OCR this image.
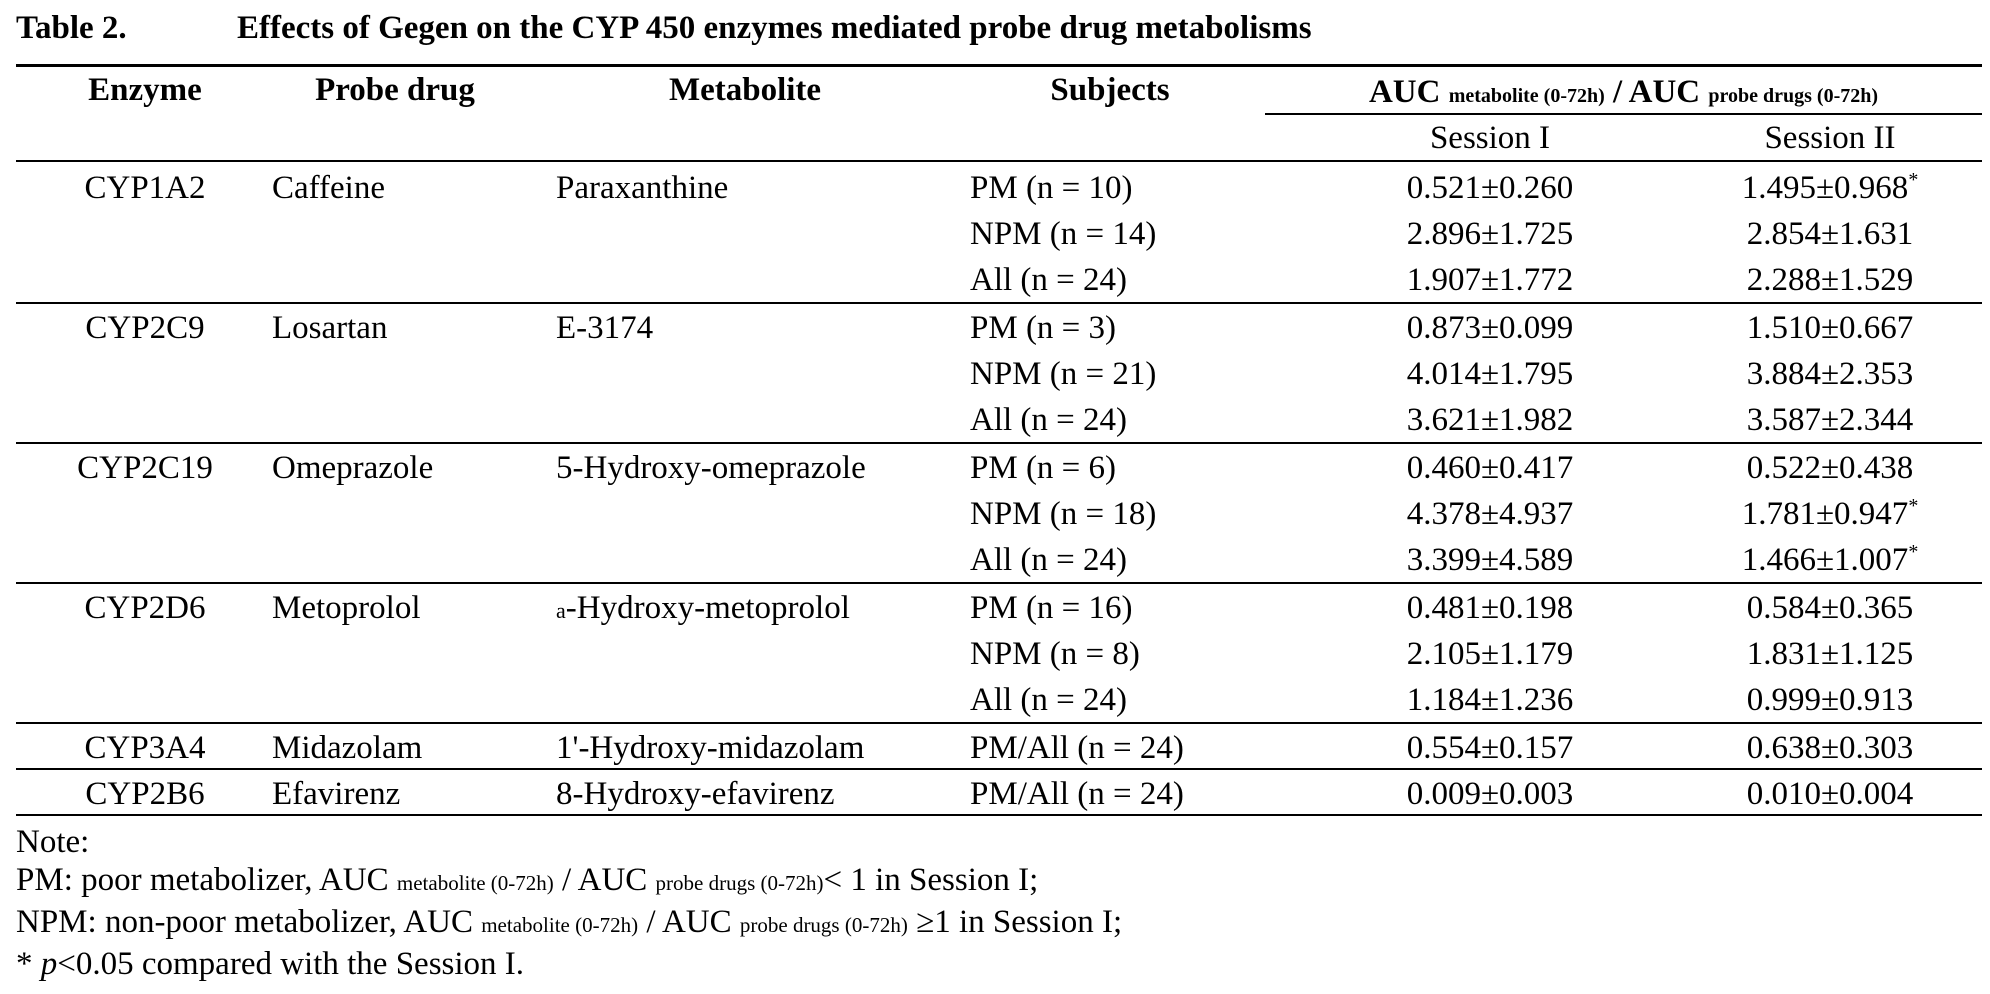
Table 2.	Effects of Gegen on the CYP 450 enzymes mediated probe drug metabolisms
Enzyme	Probe drug	Metabolite	Subjects	AUC metabolite (0-72h) / AUC probe drugs (0-72h)
Session I	Session II
CYP1A2	Caffeine	Paraxanthine	PM (n = 10)	0.521±0.260	1.495±0.968*
NPM (n = 14)	2.896±1.725	2.854±1.631
All (n = 24)	1.907±1.772	2.288±1.529
CYP2C9	Losartan	E-3174	PM (n = 3)	0.873±0.099	1.510±0.667
NPM (n = 21)	4.014±1.795	3.884±2.353
All (n = 24)	3.621±1.982	3.587±2.344
CYP2C19	Omeprazole	5-Hydroxy-omeprazole	PM (n = 6)	0.460±0.417	0.522±0.438
NPM (n = 18)	4.378±4.937	1.781±0.947*
All (n = 24)	3.399±4.589	1.466±1.007*
CYP2D6	Metoprolol	a-Hydroxy-metoprolol	PM (n = 16)	0.481±0.198	0.584±0.365
NPM (n = 8)	2.105±1.179	1.831±1.125
All (n = 24)	1.184±1.236	0.999±0.913
CYP3A4	Midazolam	1'-Hydroxy-midazolam	PM/All (n = 24)	0.554±0.157	0.638±0.303
CYP2B6	Efavirenz	8-Hydroxy-efavirenz	PM/All (n = 24)	0.009±0.003	0.010±0.004
Note:
PM: poor metabolizer, AUC metabolite (0-72h) / AUC probe drugs (0-72h)< 1 in Session I;
NPM: non-poor metabolizer, AUC metabolite (0-72h) / AUC probe drugs (0-72h) ≥1 in Session I;
* p<0.05 compared with the Session I.
